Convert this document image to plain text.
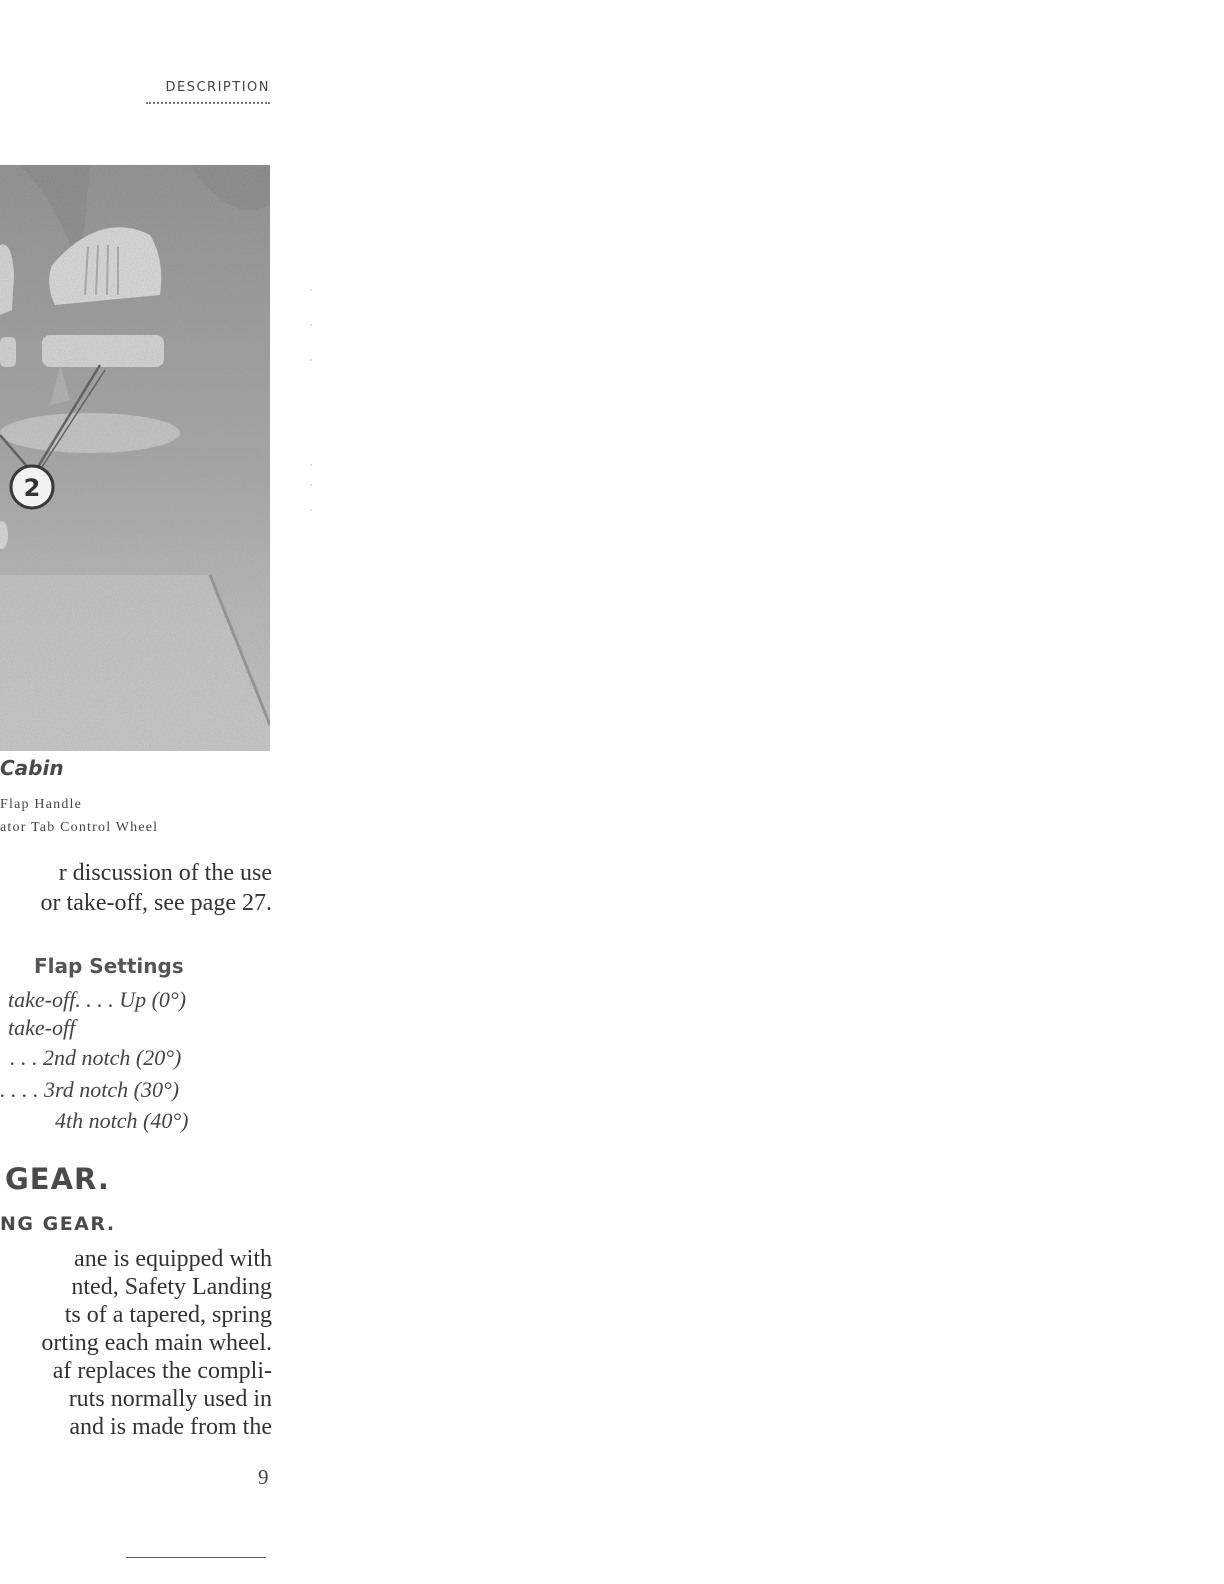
DESCRIPTION
2
Cabin
Flap Handle
ator Tab Control Wheel
r discussion of the use
or take-off, see page 27.
Flap Settings
take-off. . . . Up (0°)
take-off
. . . 2nd notch (20°)
. . . . 3rd notch (30°)
4th notch (40°)
GEAR.
NG GEAR.
ane is equipped with
nted, Safety Landing
ts of a tapered, spring
orting each main wheel.
af replaces the compli-
ruts normally used in
and is made from the
9
